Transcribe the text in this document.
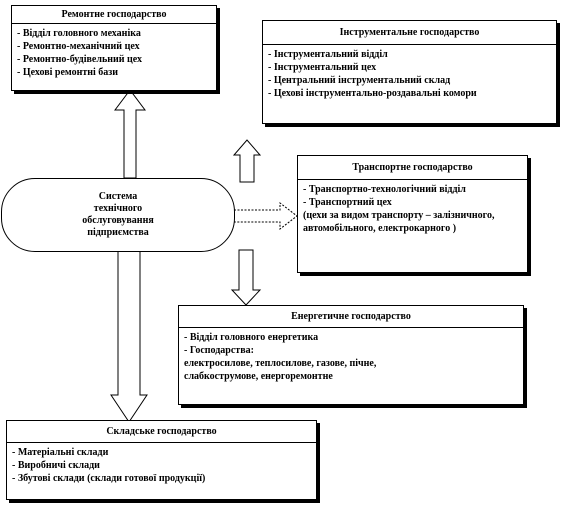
Система
технічного
обслуговування
підприємства
Ремонтне господарство
- Відділ головного механіка
- Ремонтно-механічний цех
- Ремонтно-будівельний цех
- Цехові ремонтні бази
Інструментальне господарство
- Інструментальний відділ
- Інструментальний цех
- Центральний інструментальний склад
- Цехові інструментально-роздавальні комори
Транспортне господарство
- Транспортно-технологічний відділ
- Транспортний цех
(цехи за видом транспорту – залізничного, автомобільного, електрокарного )
Енергетичне господарство
- Відділ головного енергетика
- Господарства:
електросилове, теплосилове, газове, пічне, слабкострумове, енергоремонтне
Складське господарство
- Матеріальні склади
- Виробничі склади
- Збутові склади (склади готової продукції)
